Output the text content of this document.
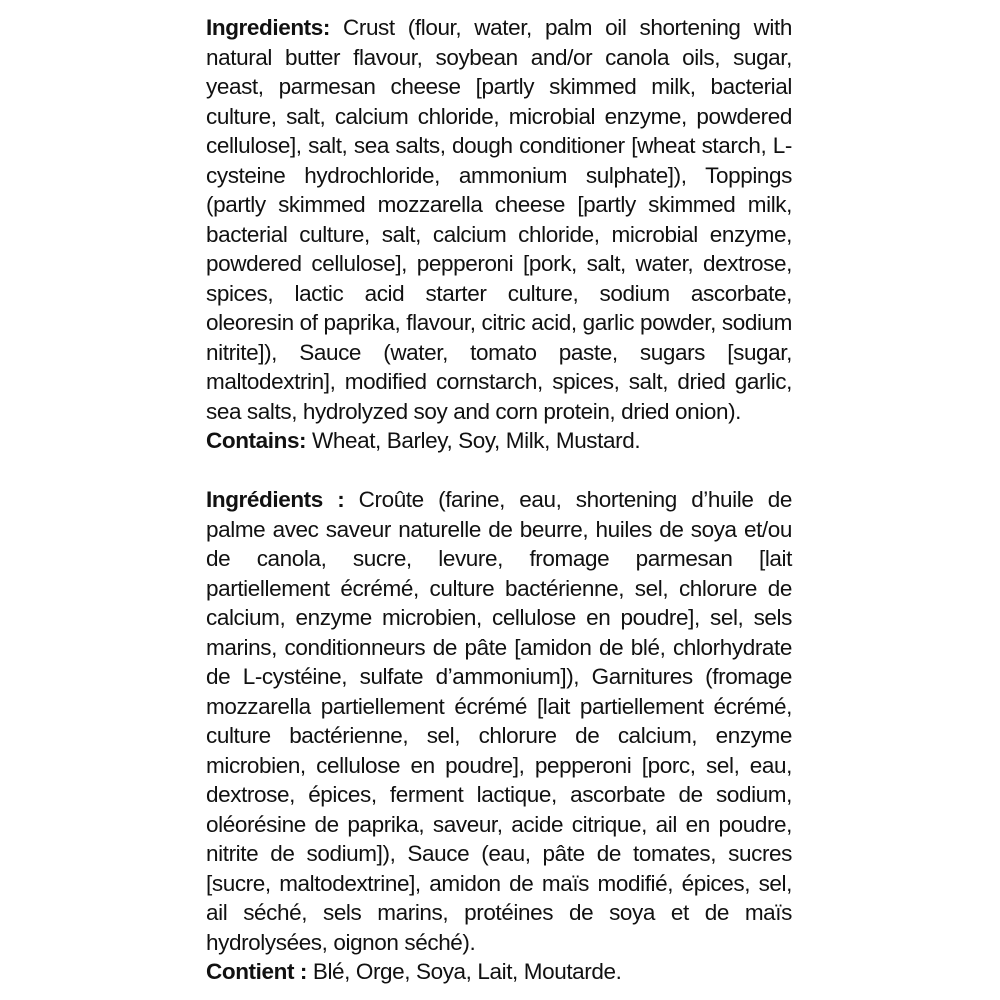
Ingredients: Crust (flour, water, palm oil shortening with natural butter flavour, soybean and/or canola oils, sugar, yeast, parmesan cheese [partly skimmed milk, bacterial culture, salt, calcium chloride, microbial enzyme, powdered cellulose], salt, sea salts, dough conditioner [wheat starch, L-cysteine hydrochloride, ammonium sulphate]), Toppings (partly skimmed mozzarella cheese [partly skimmed milk, bacterial culture, salt, calcium chloride, microbial enzyme, powdered cellulose], pepperoni [pork, salt, water, dextrose, spices, lactic acid starter culture, sodium ascorbate, oleoresin of paprika, flavour, citric acid, garlic powder, sodium nitrite]), Sauce (water, tomato paste, sugars [sugar, maltodextrin], modified cornstarch, spices, salt, dried garlic, sea salts, hydrolyzed soy and corn protein, dried onion).

Contains: Wheat, Barley, Soy, Milk, Mustard.

Ingrédients : Croûte (farine, eau, shortening d’huile de palme avec saveur naturelle de beurre, huiles de soya et/ou de canola, sucre, levure, fromage parmesan [lait partiellement écrémé, culture bactérienne, sel, chlorure de calcium, enzyme microbien, cellulose en poudre], sel, sels marins, conditionneurs de pâte [amidon de blé, chlorhydrate de L-cystéine, sulfate d’ammonium]), Garnitures (fromage mozzarella partiellement écrémé [lait partiellement écrémé, culture bactérienne, sel, chlorure de calcium, enzyme microbien, cellulose en poudre], pepperoni [porc, sel, eau, dextrose, épices, ferment lactique, ascorbate de sodium, oléorésine de paprika, saveur, acide citrique, ail en poudre, nitrite de sodium]), Sauce (eau, pâte de tomates, sucres [sucre, maltodextrine], amidon de maïs modifié, épices, sel, ail séché, sels marins, protéines de soya et de maïs hydrolysées, oignon séché).

Contient : Blé, Orge, Soya, Lait, Moutarde.
